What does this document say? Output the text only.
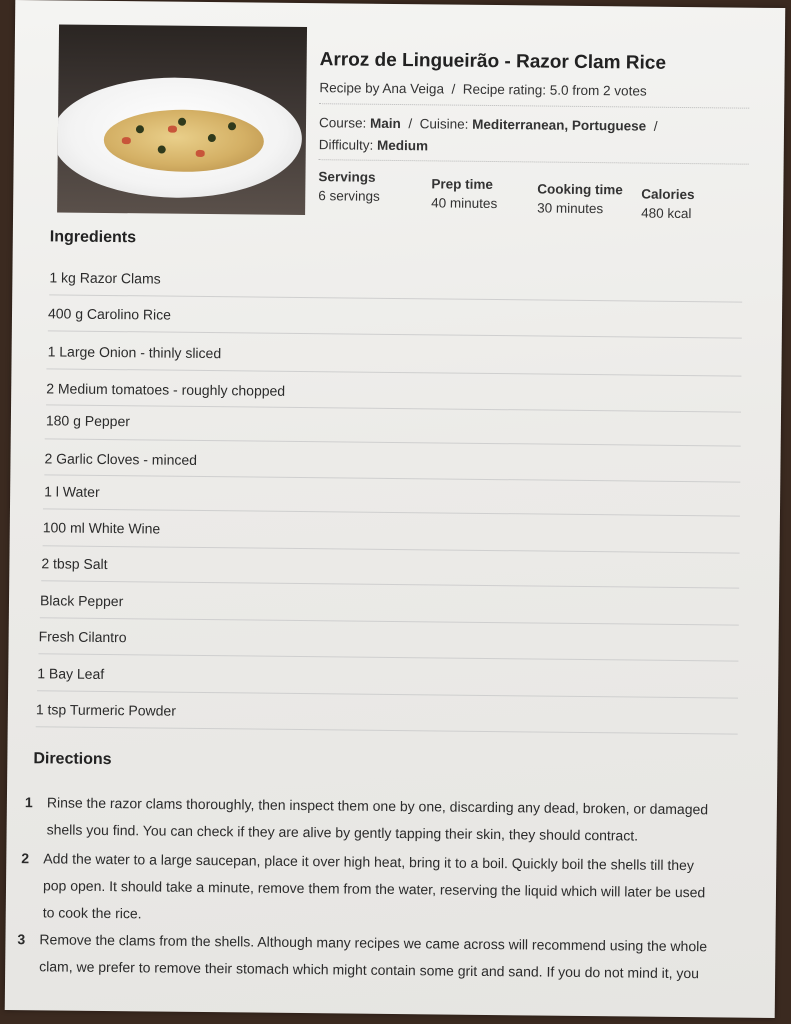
Arroz de Lingueirão - Razor Clam Rice
Recipe by Ana Veiga / Recipe rating: 5.0 from 2 votes
Course: Main / Cuisine: Mediterranean, Portuguese /
Difficulty: Medium
Servings
6 servings
Prep time
40 minutes
Cooking time
30 minutes
Calories
480 kcal
Ingredients
1 kg Razor Clams
400 g Carolino Rice
1 Large Onion - thinly sliced
2 Medium tomatoes - roughly chopped
180 g Pepper
2 Garlic Cloves - minced
1 l Water
100 ml White Wine
2 tbsp Salt
Black Pepper
Fresh Cilantro
1 Bay Leaf
1 tsp Turmeric Powder
Directions
1 Rinse the razor clams thoroughly, then inspect them one by one, discarding any dead, broken, or damaged
shells you find. You can check if they are alive by gently tapping their skin, they should contract.
2 Add the water to a large saucepan, place it over high heat, bring it to a boil. Quickly boil the shells till they
pop open. It should take a minute, remove them from the water, reserving the liquid which will later be used
to cook the rice.
3 Remove the clams from the shells. Although many recipes we came across will recommend using the whole
clam, we prefer to remove their stomach which might contain some grit and sand. If you do not mind it, you
